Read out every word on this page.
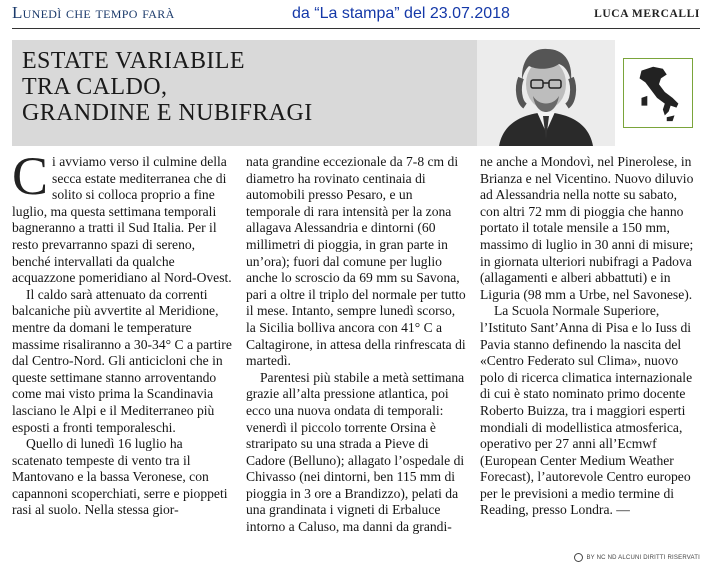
Lunedì che tempo farà	da “La stampa” del 23.07.2018	LUCA MERCALLI
ESTATE VARIABILE
TRA CALDO,
GRANDINE E NUBIFRAGI

Ci avviamo verso il culmine della secca estate mediterranea che di solito si colloca proprio a fine luglio, ma questa settimana temporali bagneranno a tratti il Sud Italia. Per il resto prevarranno spazi di sereno, benché intervallati da qualche acquazzone pomeridiano al Nord-Ovest.

Il caldo sarà attenuato da correnti balcaniche più avvertite al Meridione, mentre da domani le temperature massime risaliranno a 30-34° C a partire dal Centro-Nord. Gli anticicloni che in queste settimane stanno arroventando come mai visto prima la Scandinavia lasciano le Alpi e il Mediterraneo più esposti a fronti temporaleschi.

Quello di lunedì 16 luglio ha scatenato tempeste di vento tra il Mantovano e la bassa Veronese, con capannoni scoperchiati, serre e pioppeti rasi al suolo. Nella stessa gior-

nata grandine eccezionale da 7-8 cm di diametro ha rovinato centinaia di automobili presso Pesaro, e un temporale di rara intensità per la zona allagava Alessandria e dintorni (60 millimetri di pioggia, in gran parte in un’ora); fuori dal comune per luglio anche lo scroscio da 69 mm su Savona, pari a oltre il triplo del normale per tutto il mese. Intanto, sempre lunedì scorso, la Sicilia bolliva ancora con 41° C a Caltagirone, in attesa della rinfrescata di martedì.

Parentesi più stabile a metà settimana grazie all’alta pressione atlantica, poi ecco una nuova ondata di temporali: venerdì il piccolo torrente Orsina è straripato su una strada a Pieve di Cadore (Belluno); allagato l’ospedale di Chivasso (nei dintorni, ben 115 mm di pioggia in 3 ore a Brandizzo), pelati da una grandinata i vigneti di Erbaluce intorno a Caluso, ma danni da grandi-

ne anche a Mondovì, nel Pinerolese, in Brianza e nel Vicentino. Nuovo diluvio ad Alessandria nella notte su sabato, con altri 72 mm di pioggia che hanno portato il totale mensile a 150 mm, massimo di luglio in 30 anni di misure; in giornata ulteriori nubifragi a Padova (allagamenti e alberi abbattuti) e in Liguria (98 mm a Urbe, nel Savonese).

La Scuola Normale Superiore, l’Istituto Sant’Anna di Pisa e lo Iuss di Pavia stanno definendo la nascita del «Centro Federato sul Clima», nuovo polo di ricerca climatica internazionale di cui è stato nominato primo docente Roberto Buizza, tra i maggiori esperti mondiali di modellistica atmosferica, operativo per 27 anni all’Ecmwf (European Center Medium Weather Forecast), l’autorevole Centro europeo per le previsioni a medio termine di Reading, presso Londra. —

BY NC ND ALCUNI DIRITTI RISERVATI
